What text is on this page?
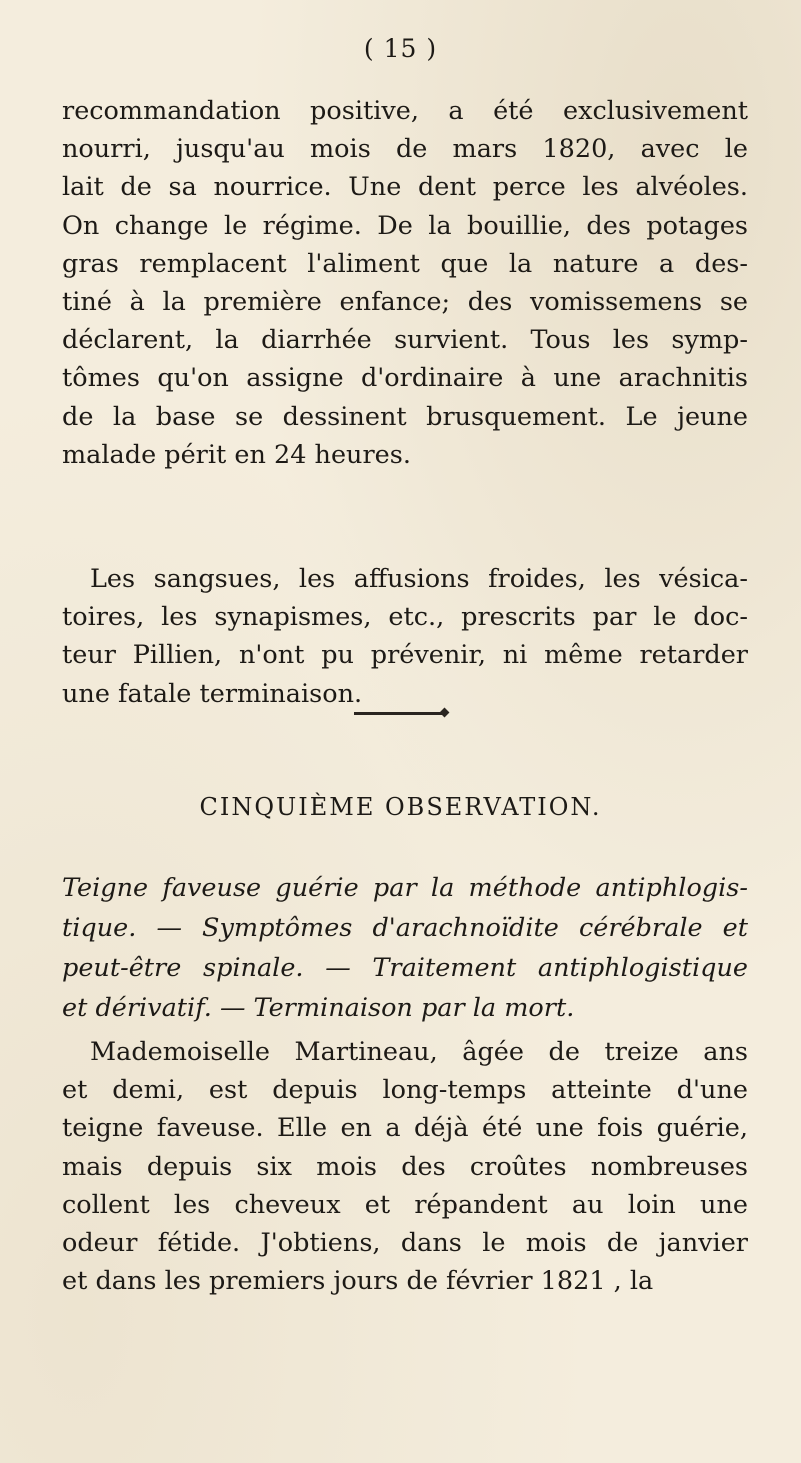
( 15 )
recommandation positive, a été exclusivement
nourri, jusqu'au mois de mars 1820, avec le
lait de sa nourrice. Une dent perce les alvéoles.
On change le régime. De la bouillie, des potages
gras remplacent l'aliment que la nature a des-
tiné à la première enfance; des vomissemens se
déclarent, la diarrhée survient. Tous les symp-
tômes qu'on assigne d'ordinaire à une arachnitis
de la base se dessinent brusquement. Le jeune
malade périt en 24 heures.
Les sangsues, les affusions froides, les vésica-
toires, les synapismes, etc., prescrits par le doc-
teur Pillien, n'ont pu prévenir, ni même retarder
une fatale terminaison.
CINQUIÈME OBSERVATION.
Teigne faveuse guérie par la méthode antiphlogis-
tique. — Symptômes d'arachnoïdite cérébrale et
peut-être spinale. — Traitement antiphlogistique
et dérivatif. — Terminaison par la mort.
Mademoiselle Martineau, âgée de treize ans
et demi, est depuis long-temps atteinte d'une
teigne faveuse. Elle en a déjà été une fois guérie,
mais depuis six mois des croûtes nombreuses
collent les cheveux et répandent au loin une
odeur fétide. J'obtiens, dans le mois de janvier
et dans les premiers jours de février 1821 , la
